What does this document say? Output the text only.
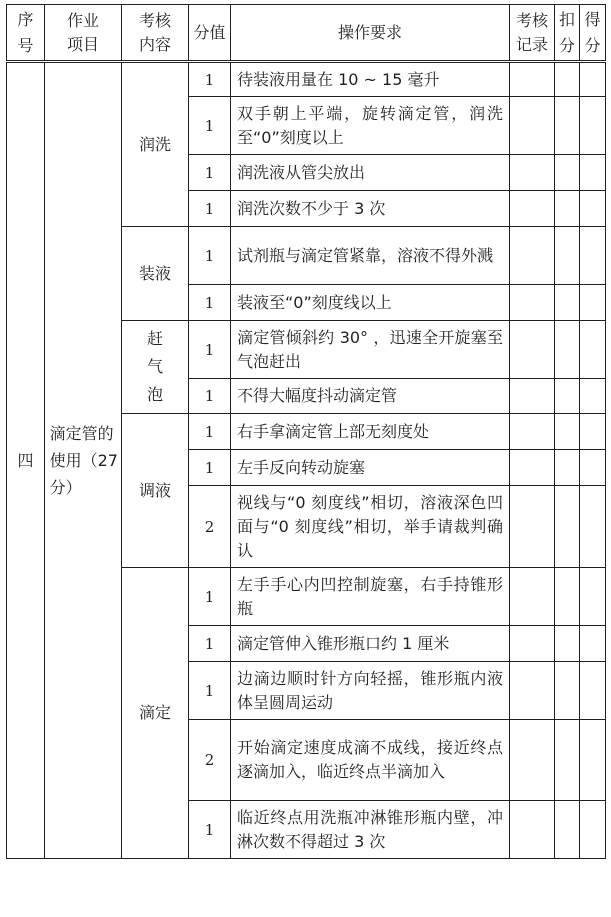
序号	作业项目	考核内容	分值	操作要求	考核记录	扣分	得分
四	滴定管的使用（27分）	润洗	1	待装液用量在 10 ~ 15 毫升			
			1	双手朝上平端，旋转滴定管，润洗至“0”刻度以上			
			1	润洗液从管尖放出			
			1	润洗次数不少于 3 次			
		装液	1	试剂瓶与滴定管紧靠，溶液不得外溅			
			1	装液至“0”刻度线以上			
		赶气泡	1	滴定管倾斜约 30° ，迅速全开旋塞至气泡赶出			
			1	不得大幅度抖动滴定管			
		调液	1	右手拿滴定管上部无刻度处			
			1	左手反向转动旋塞			
			2	视线与“0 刻度线”相切，溶液深色凹面与“0 刻度线”相切，举手请裁判确认			
		滴定	1	左手手心内凹控制旋塞，右手持锥形瓶			
			1	滴定管伸入锥形瓶口约 1 厘米			
			1	边滴边顺时针方向轻摇，锥形瓶内液体呈圆周运动			
			2	开始滴定速度成滴不成线，接近终点逐滴加入，临近终点半滴加入			
			1	临近终点用洗瓶冲淋锥形瓶内壁，冲淋次数不得超过 3 次			
